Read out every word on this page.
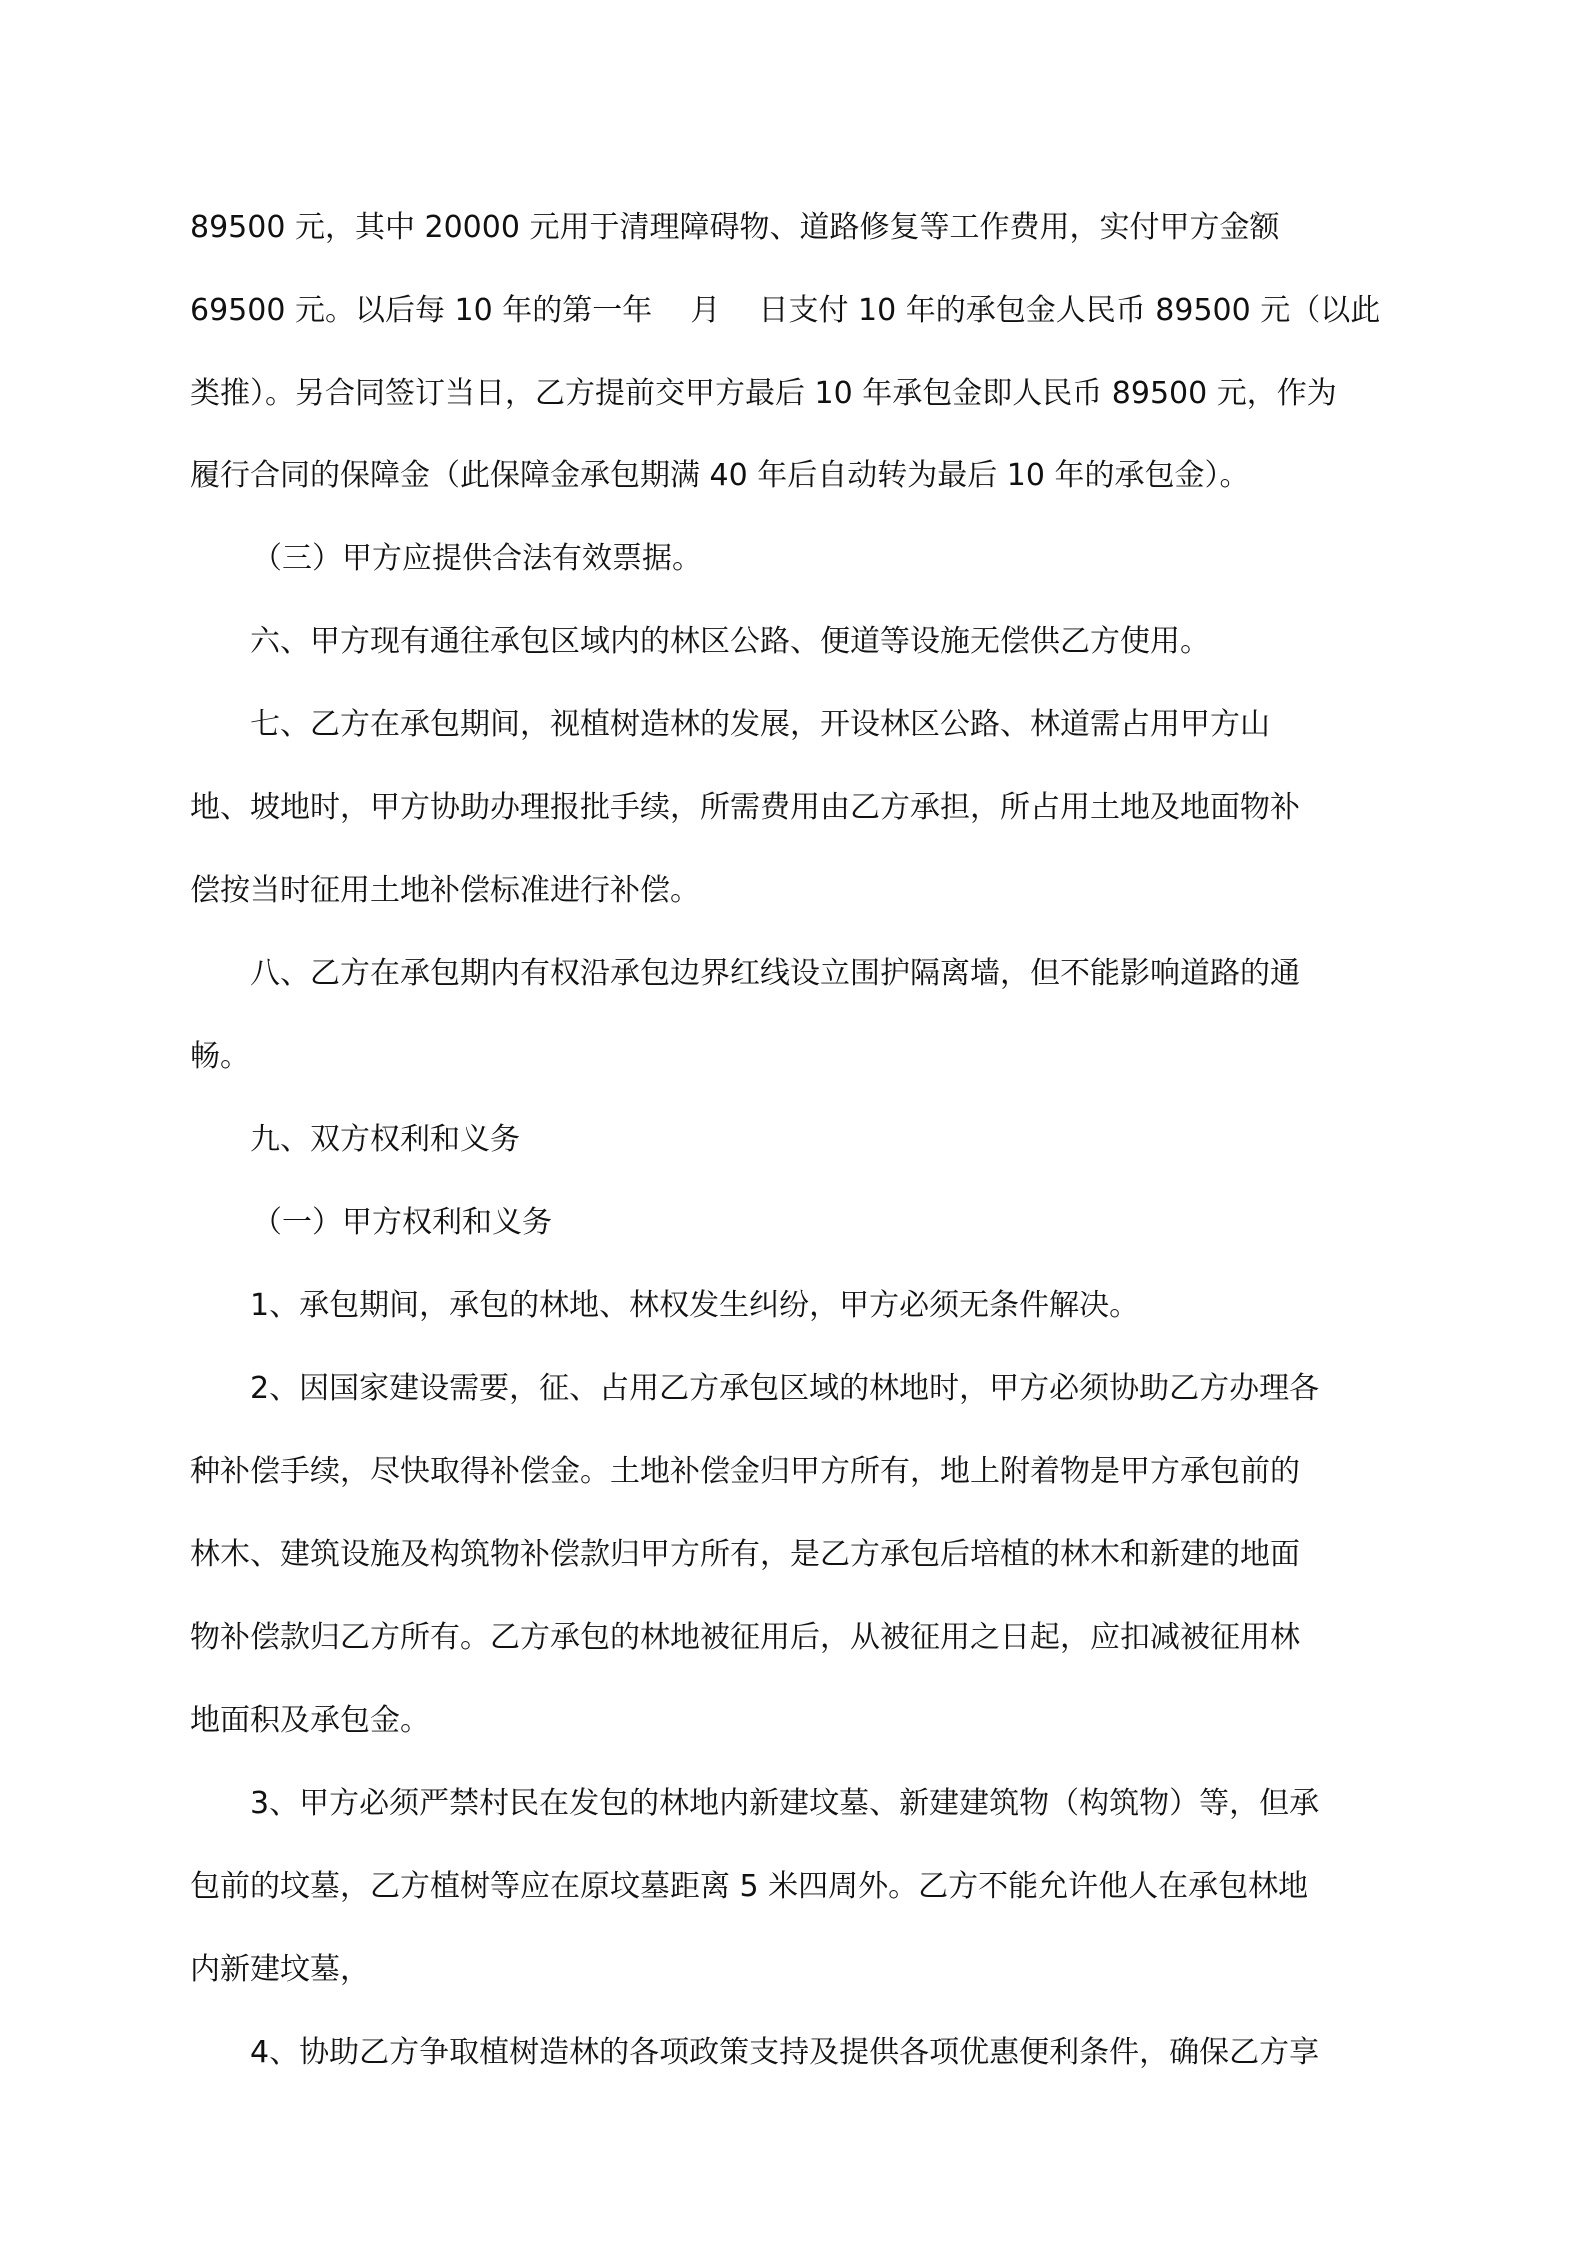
89500 元，其中 20000 元用于清理障碍物、道路修复等工作费用，实付甲方金额
69500 元。以后每 10 年的第一年    月    日支付 10 年的承包金人民币 89500 元（以此
类推）。另合同签订当日，乙方提前交甲方最后 10 年承包金即人民币 89500 元，作为
履行合同的保障金（此保障金承包期满 40 年后自动转为最后 10 年的承包金）。
（三）甲方应提供合法有效票据。
六、甲方现有通往承包区域内的林区公路、便道等设施无偿供乙方使用。
七、乙方在承包期间，视植树造林的发展，开设林区公路、林道需占用甲方山
地、坡地时，甲方协助办理报批手续，所需费用由乙方承担，所占用土地及地面物补
偿按当时征用土地补偿标准进行补偿。
八、乙方在承包期内有权沿承包边界红线设立围护隔离墙，但不能影响道路的通
畅。
九、双方权利和义务
（一）甲方权利和义务
1、承包期间，承包的林地、林权发生纠纷，甲方必须无条件解决。
2、因国家建设需要，征、占用乙方承包区域的林地时，甲方必须协助乙方办理各
种补偿手续，尽快取得补偿金。土地补偿金归甲方所有，地上附着物是甲方承包前的
林木、建筑设施及构筑物补偿款归甲方所有，是乙方承包后培植的林木和新建的地面
物补偿款归乙方所有。乙方承包的林地被征用后，从被征用之日起，应扣减被征用林
地面积及承包金。
3、甲方必须严禁村民在发包的林地内新建坟墓、新建建筑物（构筑物）等，但承
包前的坟墓，乙方植树等应在原坟墓距离 5 米四周外。乙方不能允许他人在承包林地
内新建坟墓，
4、协助乙方争取植树造林的各项政策支持及提供各项优惠便利条件，确保乙方享
